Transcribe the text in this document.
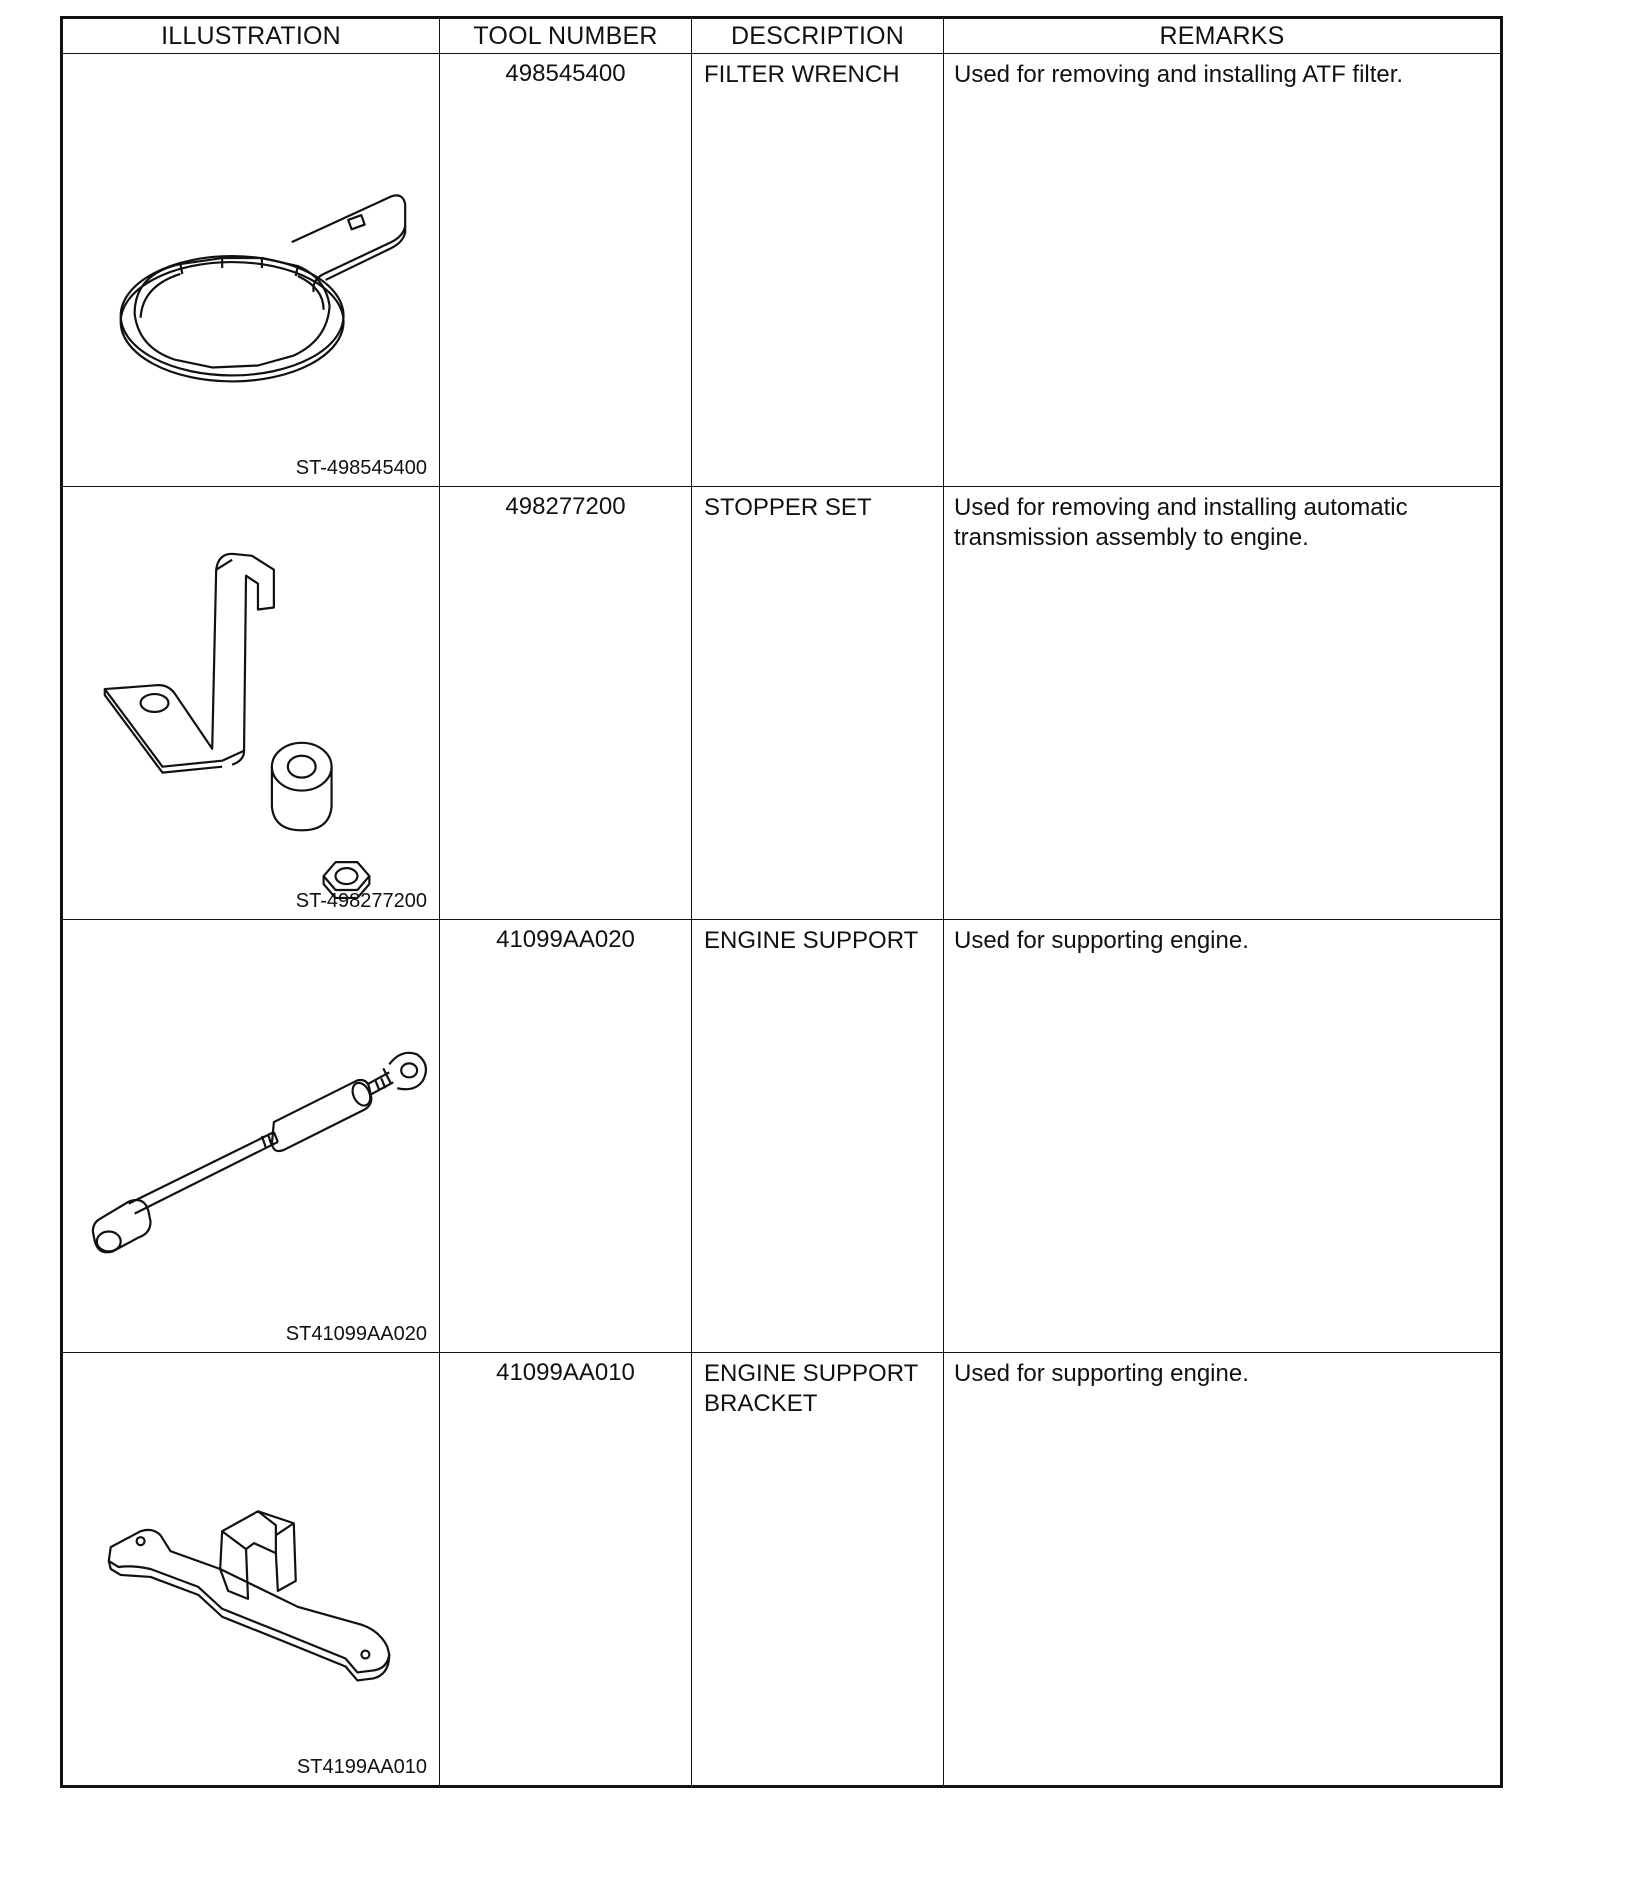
ILLUSTRATION	TOOL NUMBER	DESCRIPTION	REMARKS

ST-498545400	498545400	FILTER WRENCH	Used for removing and installing ATF filter.

ST-498277200	498277200	STOPPER SET	Used for removing and installing automatic transmission assembly to engine.

ST41099AA020	41099AA020	ENGINE SUPPORT	Used for supporting engine.

ST4199AA010	41099AA010	ENGINE SUPPORT BRACKET	Used for supporting engine.
